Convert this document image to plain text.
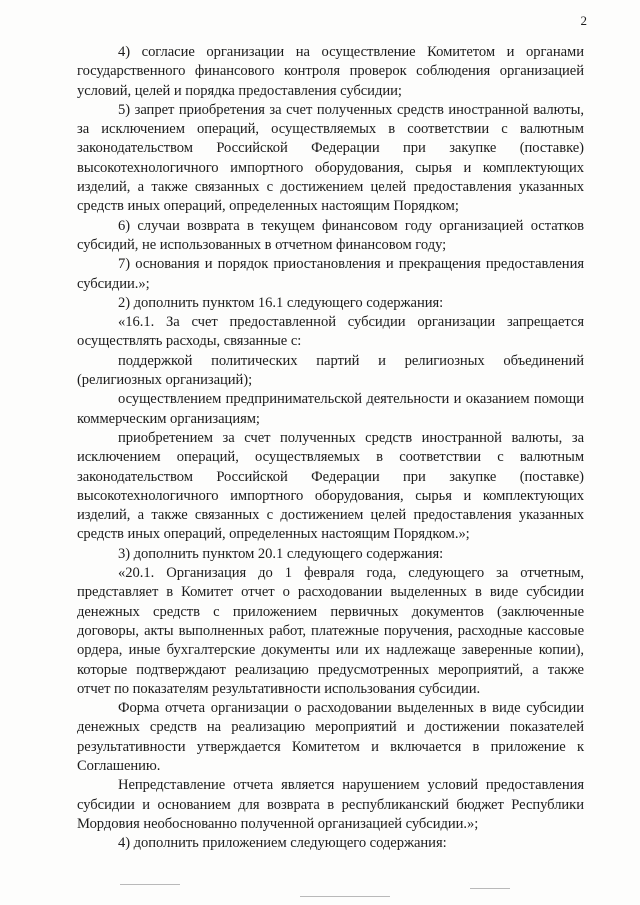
2

4) согласие организации на осуществление Комитетом и органами государственного финансового контроля проверок соблюдения организацией условий, целей и порядка предоставления субсидии;

5) запрет приобретения за счет полученных средств иностранной валюты, за исключением операций, осуществляемых в соответствии с валютным законодательством Российской Федерации при закупке (поставке) высокотехнологичного импортного оборудования, сырья и комплектующих изделий, а также связанных с достижением целей предоставления указанных средств иных операций, определенных настоящим Порядком;

6) случаи возврата в текущем финансовом году организацией остатков субсидий, не использованных в отчетном финансовом году;

7) основания и порядок приостановления и прекращения предоставления субсидии.»;

2) дополнить пунктом 16.1 следующего содержания:

«16.1. За счет предоставленной субсидии организации запрещается осуществлять расходы, связанные с:

поддержкой политических партий и религиозных объединений (религиозных организаций);

осуществлением предпринимательской деятельности и оказанием помощи коммерческим организациям;

приобретением за счет полученных средств иностранной валюты, за исключением операций, осуществляемых в соответствии с валютным законодательством Российской Федерации при закупке (поставке) высокотехнологичного импортного оборудования, сырья и комплектующих изделий, а также связанных с достижением целей предоставления указанных средств иных операций, определенных настоящим Порядком.»;

3) дополнить пунктом 20.1 следующего содержания:

«20.1. Организация до 1 февраля года, следующего за отчетным, представляет в Комитет отчет о расходовании выделенных в виде субсидии денежных средств с приложением первичных документов (заключенные договоры, акты выполненных работ, платежные поручения, расходные кассовые ордера, иные бухгалтерские документы или их надлежаще заверенные копии), которые подтверждают реализацию предусмотренных мероприятий, а также отчет по показателям результативности использования субсидии.

Форма отчета организации о расходовании выделенных в виде субсидии денежных средств на реализацию мероприятий и достижении показателей результативности утверждается Комитетом и включается в приложение к Соглашению.

Непредставление отчета является нарушением условий предоставления субсидии и основанием для возврата в республиканский бюджет Республики Мордовия необоснованно полученной организацией субсидии.»;

4) дополнить приложением следующего содержания:
